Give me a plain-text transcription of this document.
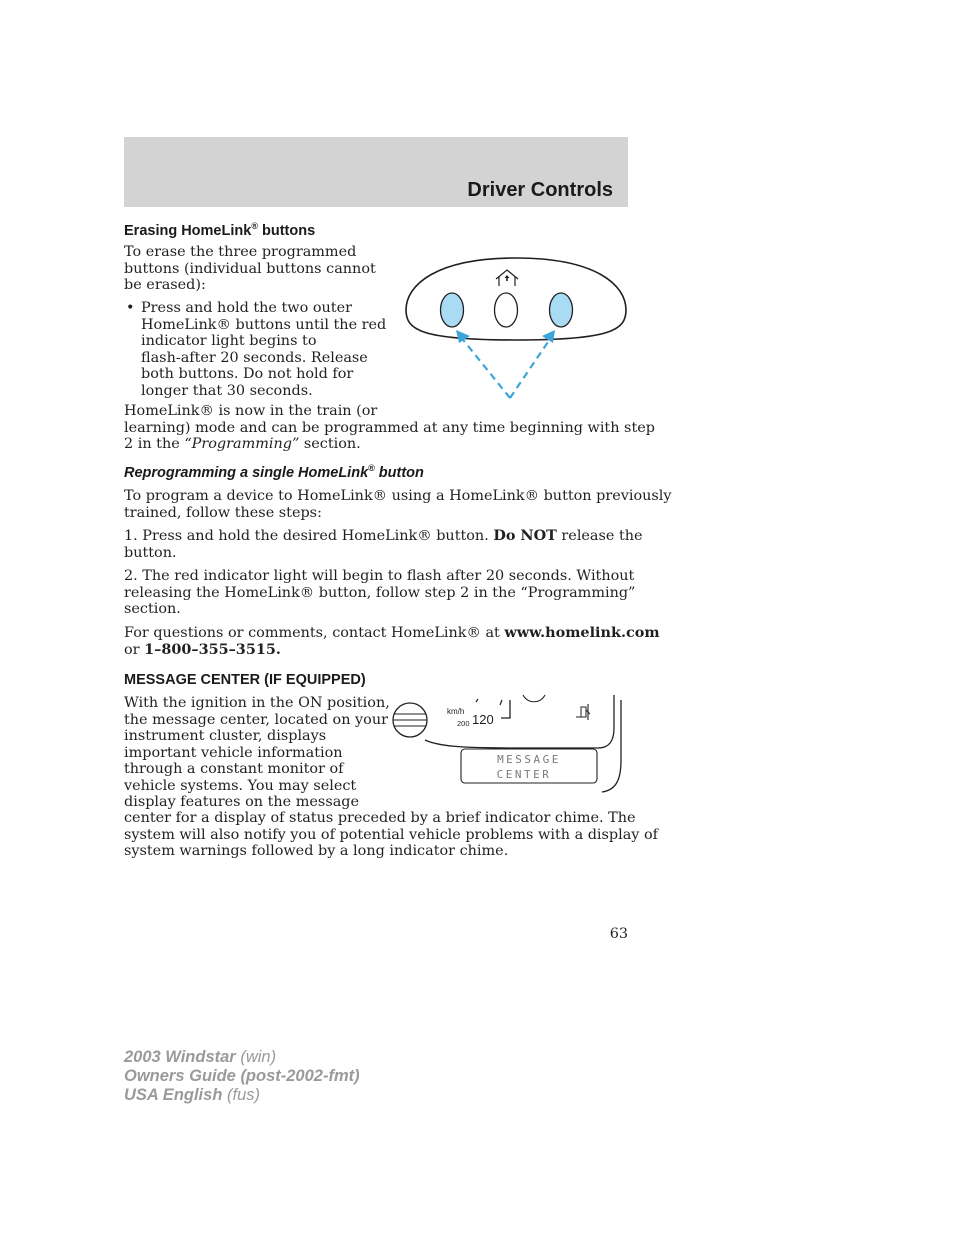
Driver Controls
Erasing HomeLink® buttons
To erase the three programmed
buttons (individual buttons cannot
be erased):
• Press and hold the two outer
HomeLink® buttons until the red
indicator light begins to
flash-after 20 seconds. Release
both buttons. Do not hold for
longer that 30 seconds.
HomeLink® is now in the train (or
learning) mode and can be programmed at any time beginning with step
2 in the “Programming” section.
Reprogramming a single HomeLink® button
To program a device to HomeLink® using a HomeLink® button previously
trained, follow these steps:
1. Press and hold the desired HomeLink® button. Do NOT release the
button.
2. The red indicator light will begin to flash after 20 seconds. Without
releasing the HomeLink® button, follow step 2 in the “Programming”
section.
For questions or comments, contact HomeLink® at www.homelink.com
or 1–800–355–3515.
MESSAGE CENTER (IF EQUIPPED)
With the ignition in the ON position,
the message center, located on your
instrument cluster, displays
important vehicle information
through a constant monitor of
vehicle systems. You may select
display features on the message
center for a display of status preceded by a brief indicator chime. The
system will also notify you of potential vehicle problems with a display of
system warnings followed by a long indicator chime.
km/h
200 120
MESSAGE
CENTER
63
2003 Windstar (win)
Owners Guide (post-2002-fmt)
USA English (fus)
